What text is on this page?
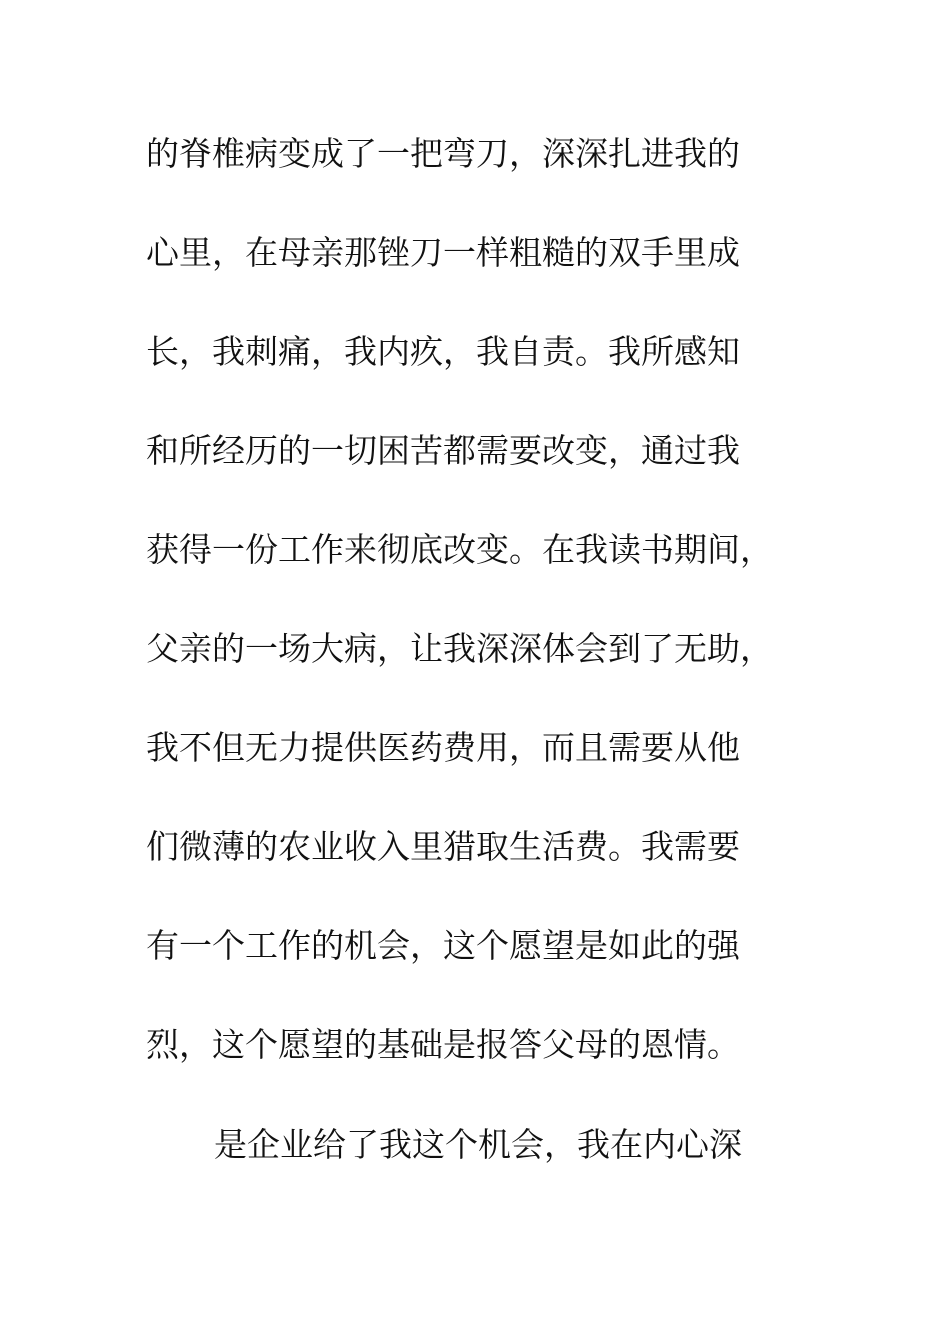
的脊椎病变成了一把弯刀，深深扎进我的
心里，在母亲那锉刀一样粗糙的双手里成
长，我刺痛，我内疚，我自责。我所感知
和所经历的一切困苦都需要改变，通过我
获得一份工作来彻底改变。在我读书期间，
父亲的一场大病，让我深深体会到了无助，
我不但无力提供医药费用，而且需要从他
们微薄的农业收入里猎取生活费。我需要
有一个工作的机会，这个愿望是如此的强
烈，这个愿望的基础是报答父母的恩情。
是企业给了我这个机会，我在内心深
